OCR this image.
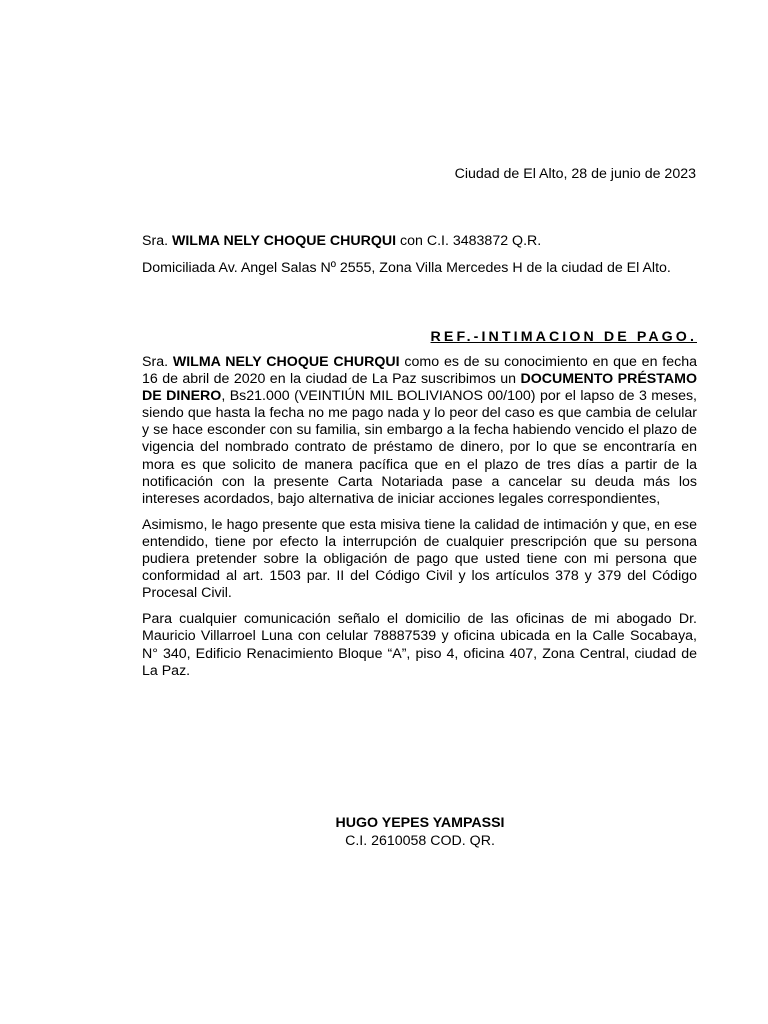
Ciudad de El Alto, 28 de junio de 2023

Sra. WILMA NELY CHOQUE CHURQUI con C.I. 3483872 Q.R.

Domiciliada Av. Angel Salas Nº 2555, Zona Villa Mercedes H de la ciudad de El Alto.

REF.-INTIMACION DE PAGO.

Sra. WILMA NELY CHOQUE CHURQUI como es de su conocimiento en que en fecha 16 de abril de 2020 en la ciudad de La Paz suscribimos un DOCUMENTO PRÉSTAMO DE DINERO, Bs21.000 (VEINTIÚN MIL BOLIVIANOS 00/100) por el lapso de 3 meses, siendo que hasta la fecha no me pago nada y lo peor del caso es que cambia de celular y se hace esconder con su familia, sin embargo a la fecha habiendo vencido el plazo de vigencia del nombrado contrato de préstamo de dinero, por lo que se encontraría en mora es que solicito de manera pacífica que en el plazo de tres días a partir de la notificación con la presente Carta Notariada pase a cancelar su deuda más los intereses acordados, bajo alternativa de iniciar acciones legales correspondientes,

Asimismo, le hago presente que esta misiva tiene la calidad de intimación y que, en ese entendido, tiene por efecto la interrupción de cualquier prescripción que su persona pudiera pretender sobre la obligación de pago que usted tiene con mi persona que conformidad al art. 1503 par. II del Código Civil y los artículos 378 y 379 del Código Procesal Civil.

Para cualquier comunicación señalo el domicilio de las oficinas de mi abogado Dr. Mauricio Villarroel Luna con celular 78887539 y oficina ubicada en la Calle Socabaya, N° 340, Edificio Renacimiento Bloque “A”, piso 4, oficina 407, Zona Central, ciudad de La Paz.

HUGO YEPES YAMPASSI
C.I. 2610058 COD. QR.
